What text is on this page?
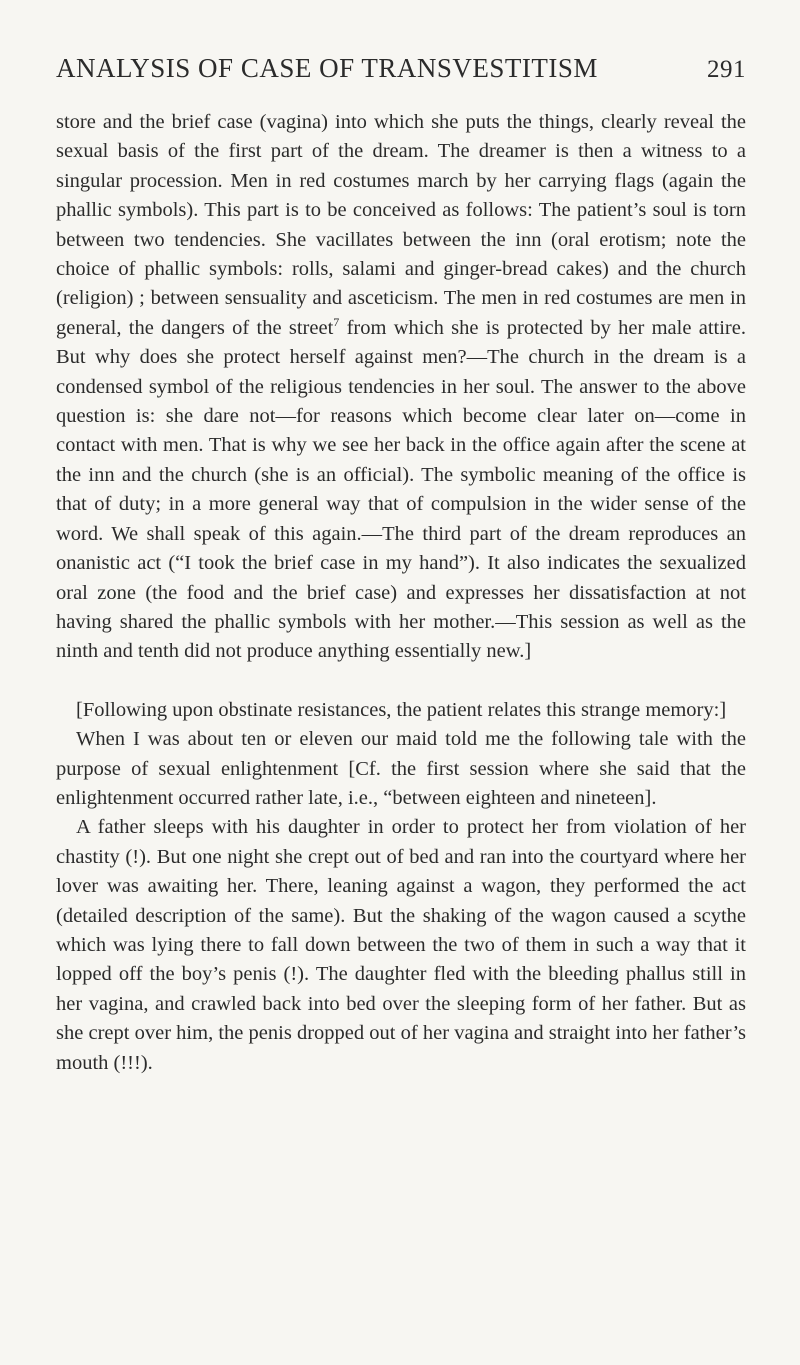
ANALYSIS OF CASE OF TRANSVESTITISM	291

store and the brief case (vagina) into which she puts the things, clearly reveal the sexual basis of the first part of the dream. The dreamer is then a witness to a singular procession. Men in red costumes march by her carrying flags (again the phallic symbols). This part is to be conceived as follows: The patient’s soul is torn between two tendencies. She vacillates between the inn (oral erotism; note the choice of phallic symbols: rolls, salami and ginger-bread cakes) and the church (religion) ; between sensuality and asceticism. The men in red costumes are men in general, the dangers of the street$^7$ from which she is protected by her male attire. But why does she protect herself against men?—The church in the dream is a condensed symbol of the religious tendencies in her soul. The answer to the above question is: she dare not—for reasons which become clear later on—come in contact with men. That is why we see her back in the office again after the scene at the inn and the church (she is an official). The symbolic meaning of the office is that of duty; in a more general way that of compulsion in the wider sense of the word. We shall speak of this again.—The third part of the dream reproduces an onanistic act (“I took the brief case in my hand”). It also indicates the sexualized oral zone (the food and the brief case) and expresses her dissatisfaction at not having shared the phallic symbols with her mother.—This session as well as the ninth and tenth did not produce anything essentially new.]

[Following upon obstinate resistances, the patient relates this strange memory:]

When I was about ten or eleven our maid told me the following tale with the purpose of sexual enlightenment [Cf. the first session where she said that the enlightenment occurred rather late, i.e., “between eighteen and nineteen].

A father sleeps with his daughter in order to protect her from violation of her chastity (!). But one night she crept out of bed and ran into the courtyard where her lover was awaiting her. There, leaning against a wagon, they performed the act (detailed description of the same). But the shaking of the wagon caused a scythe which was lying there to fall down between the two of them in such a way that it lopped off the boy’s penis (!). The daughter fled with the bleeding phallus still in her vagina, and crawled back into bed over the sleeping form of her father. But as she crept over him, the penis dropped out of her vagina and straight into her father’s mouth (!!!).
